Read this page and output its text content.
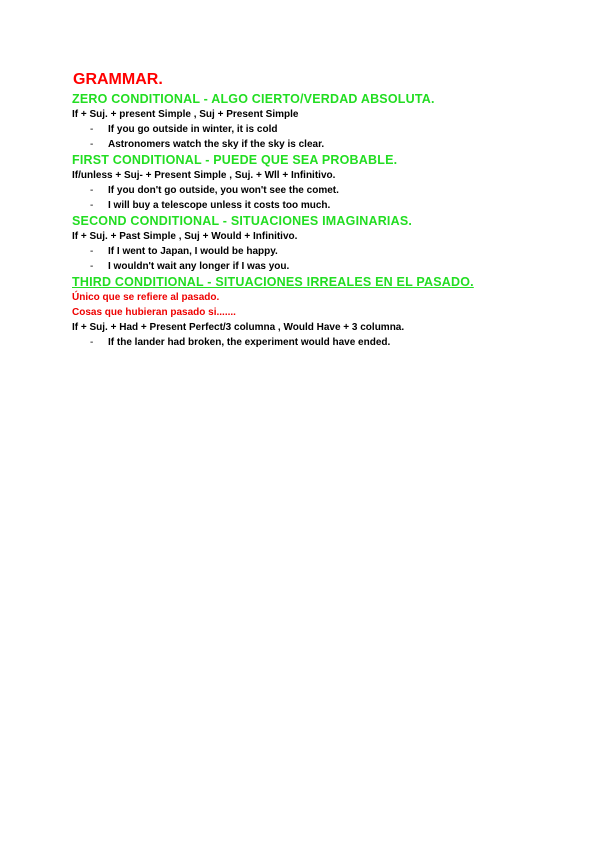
GRAMMAR.
ZERO CONDITIONAL - ALGO CIERTO/VERDAD ABSOLUTA.
If + Suj. + present Simple , Suj + Present Simple
- If you go outside in winter, it is cold
- Astronomers watch the sky if the sky is clear.
FIRST CONDITIONAL - PUEDE QUE SEA PROBABLE.
If/unless + Suj- + Present Simple , Suj. + Wll + Infinitivo.
- If you don't go outside, you won't see the comet.
- I will buy a telescope unless it costs too much.
SECOND CONDITIONAL - SITUACIONES IMAGINARIAS.
If + Suj. + Past Simple , Suj + Would + Infinitivo.
- If I went to Japan, I would be happy.
- I wouldn't wait any longer if I was you.
THIRD CONDITIONAL - SITUACIONES IRREALES EN EL PASADO.
Único que se refiere al pasado.
Cosas que hubieran pasado si.......
If + Suj. + Had + Present Perfect/3 columna , Would Have + 3 columna.
- If the lander had broken, the experiment would have ended.
